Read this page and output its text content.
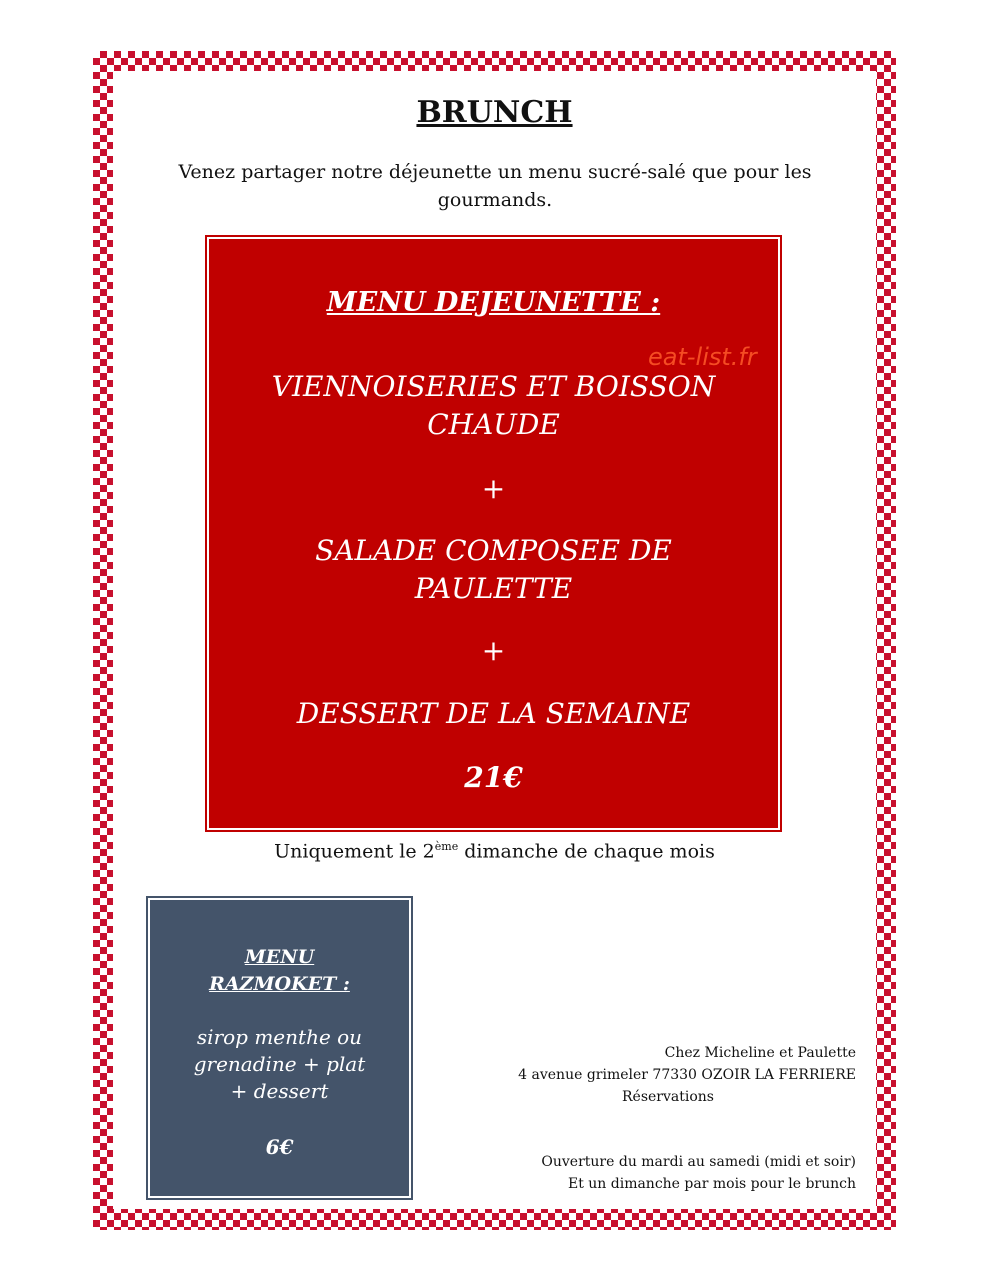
BRUNCH
Venez partager notre déjeunette un menu sucré-salé que pour les
gourmands.
MENU DEJEUNETTE :
VIENNOISERIES ET BOISSON
CHAUDE
+
SALADE COMPOSEE DE
PAULETTE
+
DESSERT DE LA SEMAINE
21€
eat-list.fr
Uniquement le 2ème dimanche de chaque mois
MENU
RAZMOKET :
sirop menthe ou
grenadine + plat
+ dessert
6€
Chez Micheline et Paulette
4 avenue grimeler 77330 OZOIR LA FERRIERE
Réservations
Ouverture du mardi au samedi (midi et soir)
Et un dimanche par mois pour le brunch
